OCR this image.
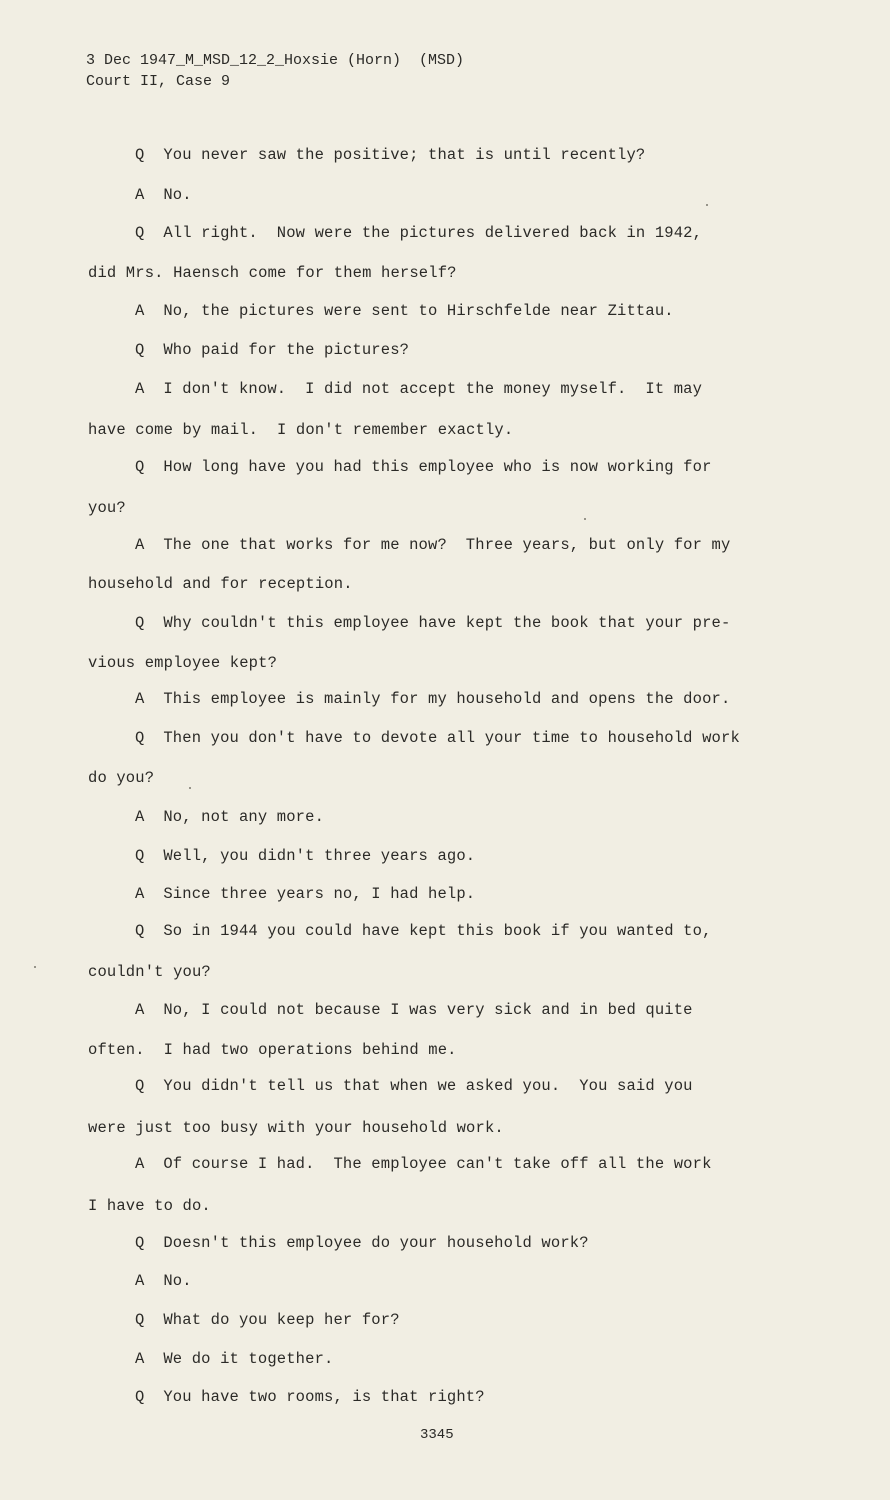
3 Dec 1947_M_MSD_12_2_Hoxsie (Horn)  (MSD)
Court II, Case 9
Q  You never saw the positive; that is until recently?
A  No.
Q  All right.  Now were the pictures delivered back in 1942,
did Mrs. Haensch come for them herself?
A  No, the pictures were sent to Hirschfelde near Zittau.
Q  Who paid for the pictures?
A  I don't know.  I did not accept the money myself.  It may
have come by mail.  I don't remember exactly.
Q  How long have you had this employee who is now working for
you?
A  The one that works for me now?  Three years, but only for my
household and for reception.
Q  Why couldn't this employee have kept the book that your pre-
vious employee kept?
A  This employee is mainly for my household and opens the door.
Q  Then you don't have to devote all your time to household work
do you?
A  No, not any more.
Q  Well, you didn't three years ago.
A  Since three years no, I had help.
Q  So in 1944 you could have kept this book if you wanted to,
couldn't you?
A  No, I could not because I was very sick and in bed quite
often.  I had two operations behind me.
Q  You didn't tell us that when we asked you.  You said you
were just too busy with your household work.
A  Of course I had.  The employee can't take off all the work
I have to do.
Q  Doesn't this employee do your household work?
A  No.
Q  What do you keep her for?
A  We do it together.
Q  You have two rooms, is that right?
3345
